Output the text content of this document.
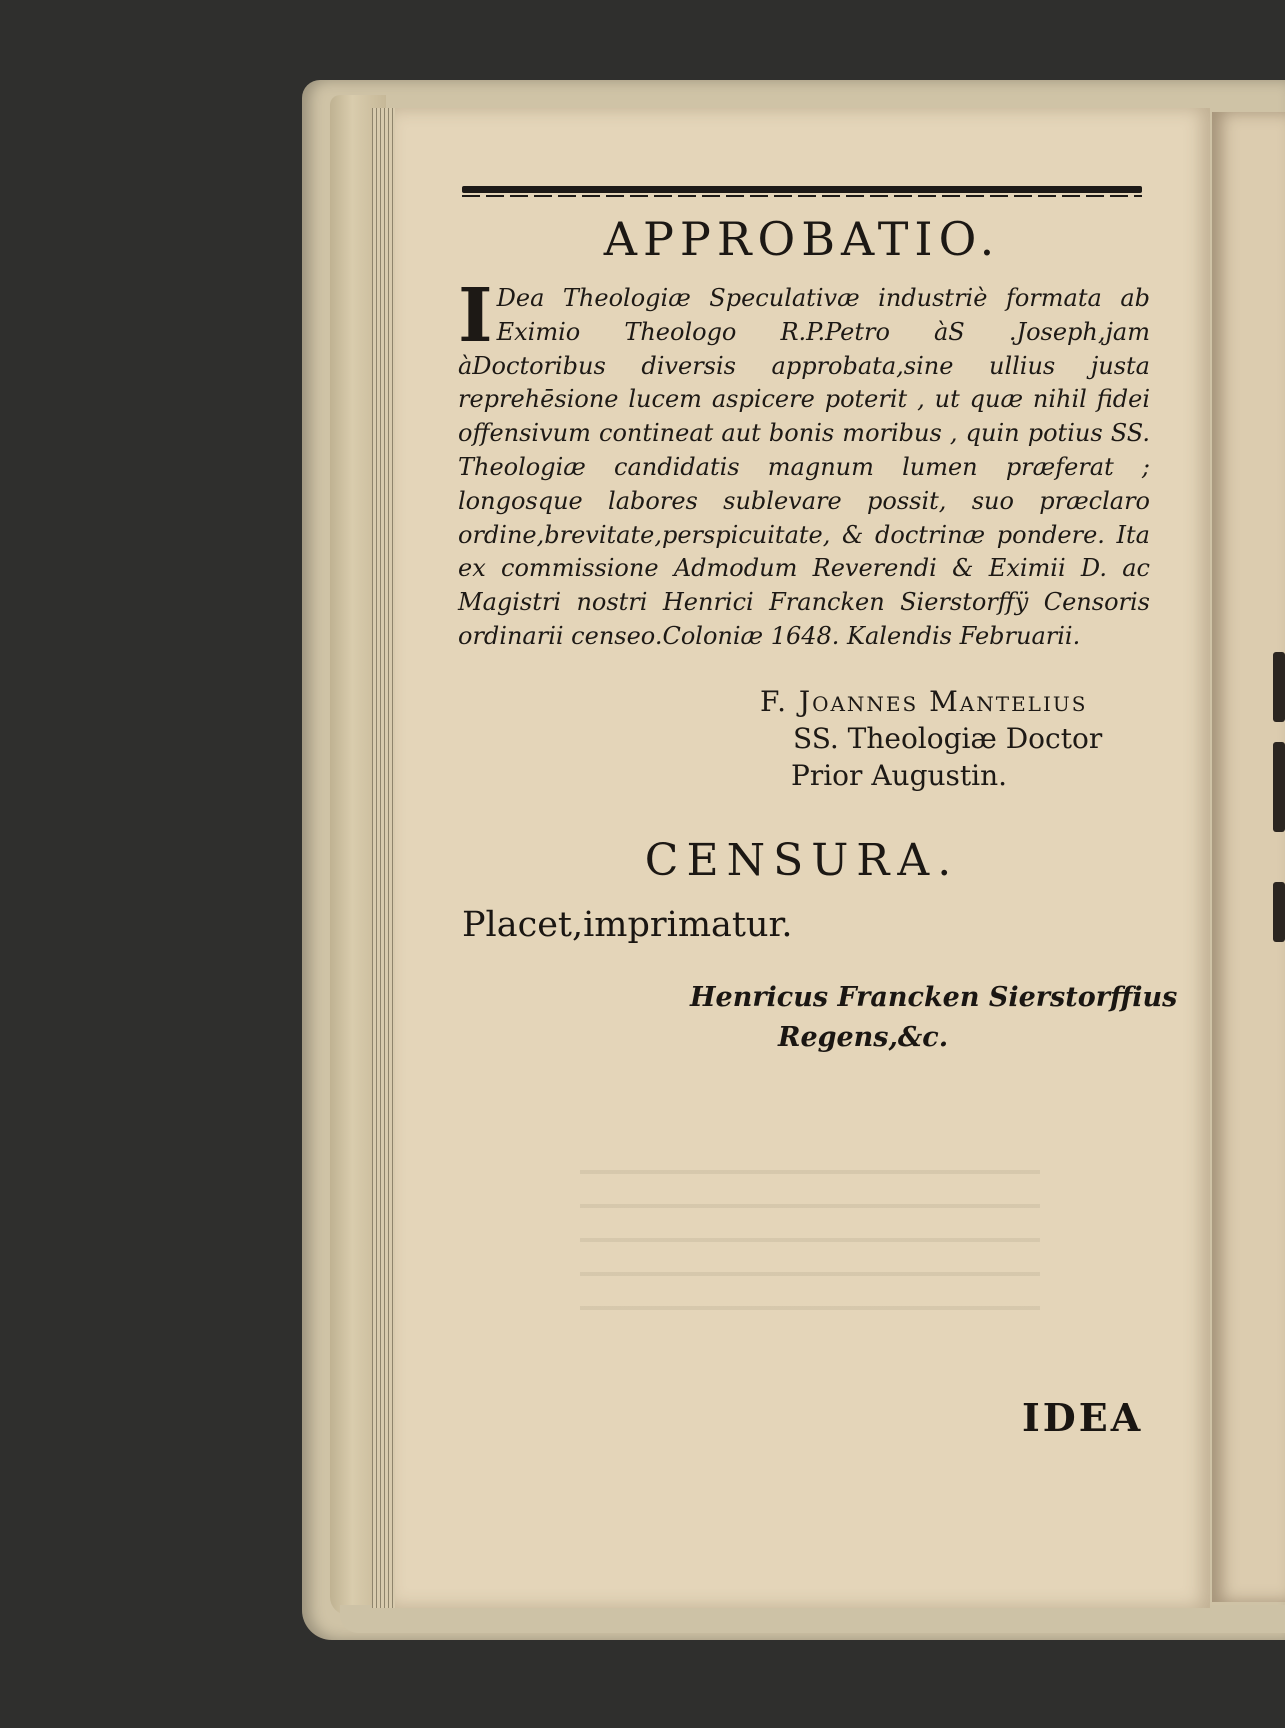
APPROBATIO.
I Dea Theologiæ Speculativæ industriè formata ab Eximio Theologo R.P.Petro àS .Joseph,jam àDoctoribus diversis approbata,sine ullius justa reprehēsione lucem aspicere poterit , ut quæ nihil fidei offensivum contineat aut bonis moribus , quin potius SS. Theologiæ candidatis magnum lumen præferat ; longosque labores sublevare possit, suo præclaro ordine,brevitate,perspicuitate, & doctrinæ pondere. Ita ex commissione Admodum Reverendi & Eximii D. ac Magistri nostri Henrici Francken Sierstorffÿ Censoris ordinarii censeo.Coloniæ 1648. Kalendis Februarii.
F. Joannes Mantelius
SS. Theologiæ Doctor
Prior Augustin.
CENSURA.
Placet,imprimatur.
Henricus Francken Sierstorffius
Regens,&c.
IDEA
